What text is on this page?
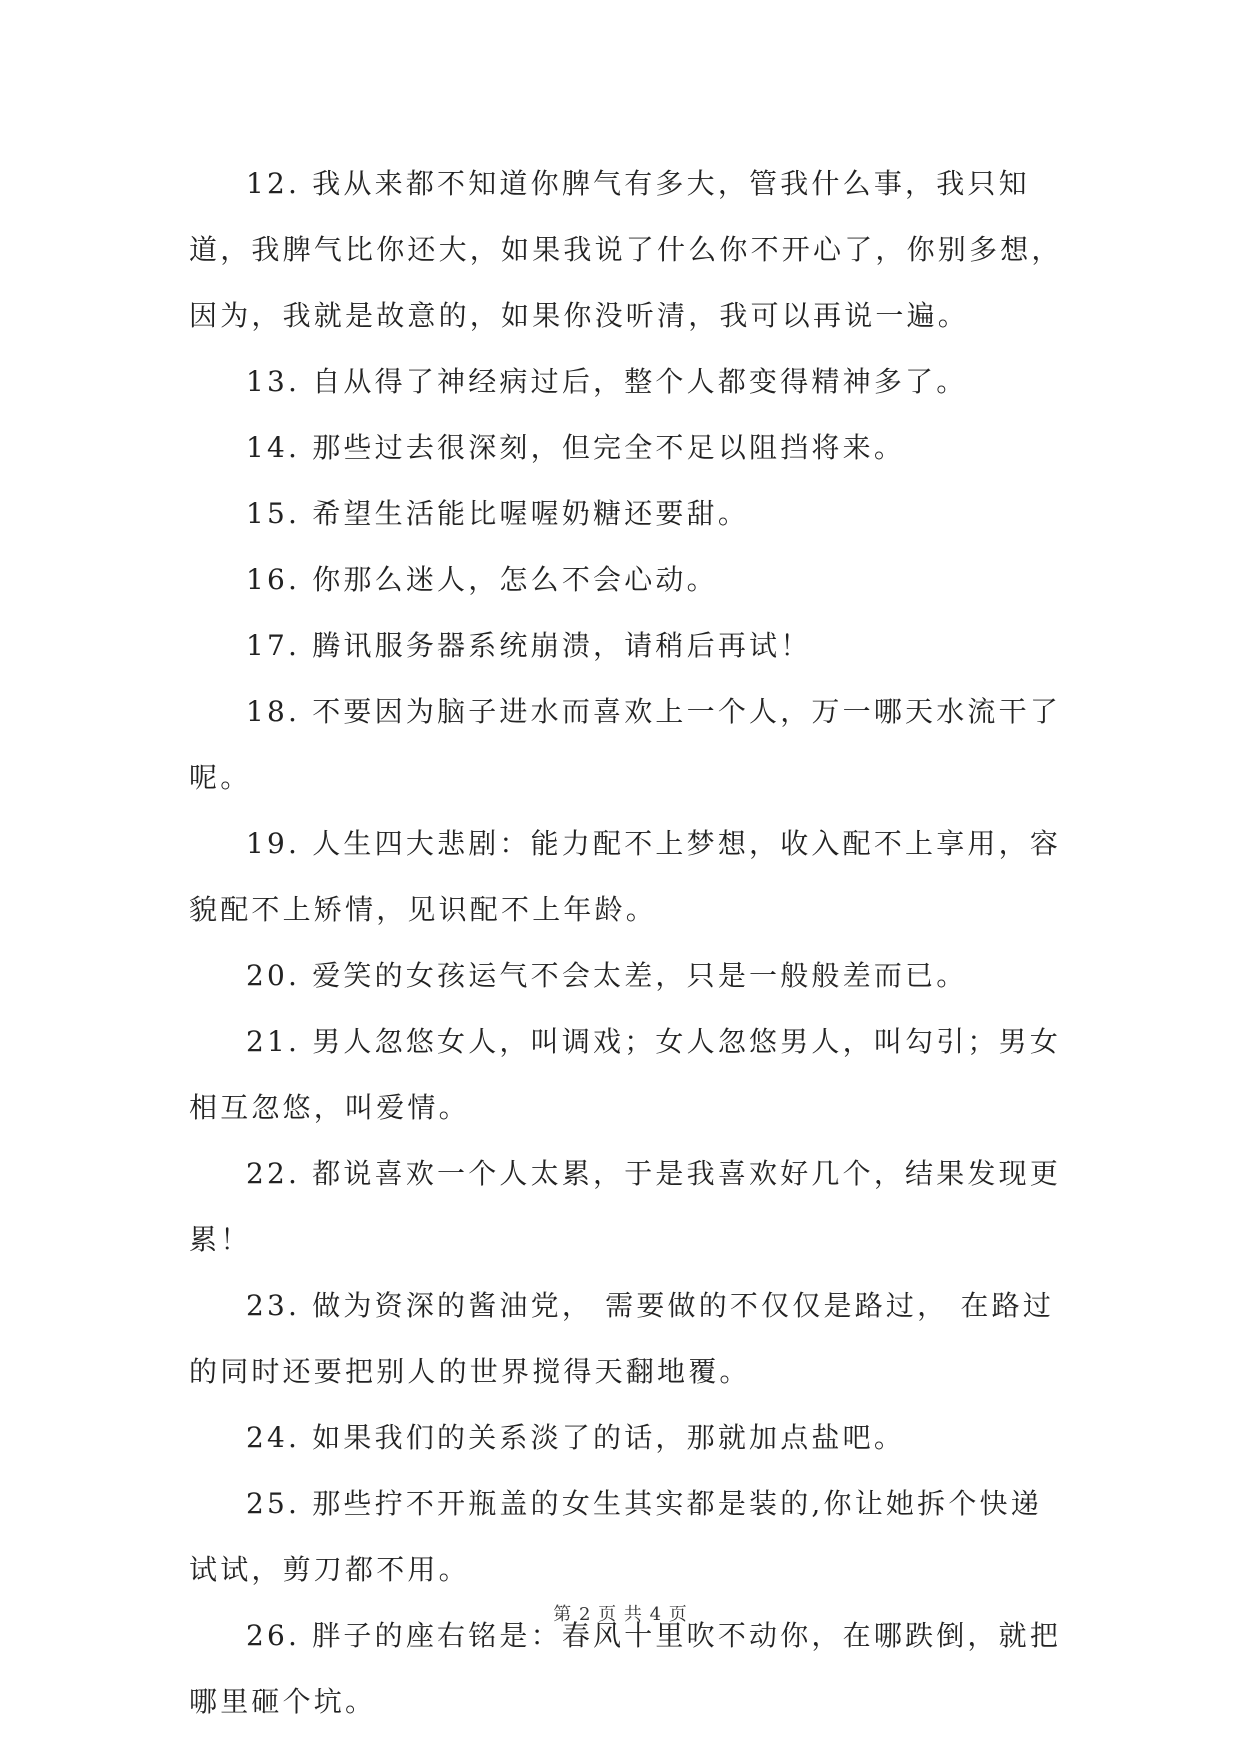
12. 我从来都不知道你脾气有多大，管我什么事，我只知道，我脾气比你还大，如果我说了什么你不开心了，你别多想，因为，我就是故意的，如果你没听清，我可以再说一遍。

13. 自从得了神经病过后，整个人都变得精神多了。

14. 那些过去很深刻，但完全不足以阻挡将来。

15. 希望生活能比喔喔奶糖还要甜。

16. 你那么迷人，怎么不会心动。

17. 腾讯服务器系统崩溃，请稍后再试！

18. 不要因为脑子进水而喜欢上一个人，万一哪天水流干了呢。

19. 人生四大悲剧：能力配不上梦想，收入配不上享用，容貌配不上矫情，见识配不上年龄。

20. 爱笑的女孩运气不会太差，只是一般般差而已。

21. 男人忽悠女人，叫调戏；女人忽悠男人，叫勾引；男女相互忽悠，叫爱情。

22. 都说喜欢一个人太累，于是我喜欢好几个，结果发现更累！

23. 做为资深的酱油党， 需要做的不仅仅是路过， 在路过的同时还要把别人的世界搅得天翻地覆。

24. 如果我们的关系淡了的话，那就加点盐吧。

25. 那些拧不开瓶盖的女生其实都是装的,你让她拆个快递试试，剪刀都不用。

26. 胖子的座右铭是：春风十里吹不动你，在哪跌倒，就把哪里砸个坑。

第 2 页 共 4 页
